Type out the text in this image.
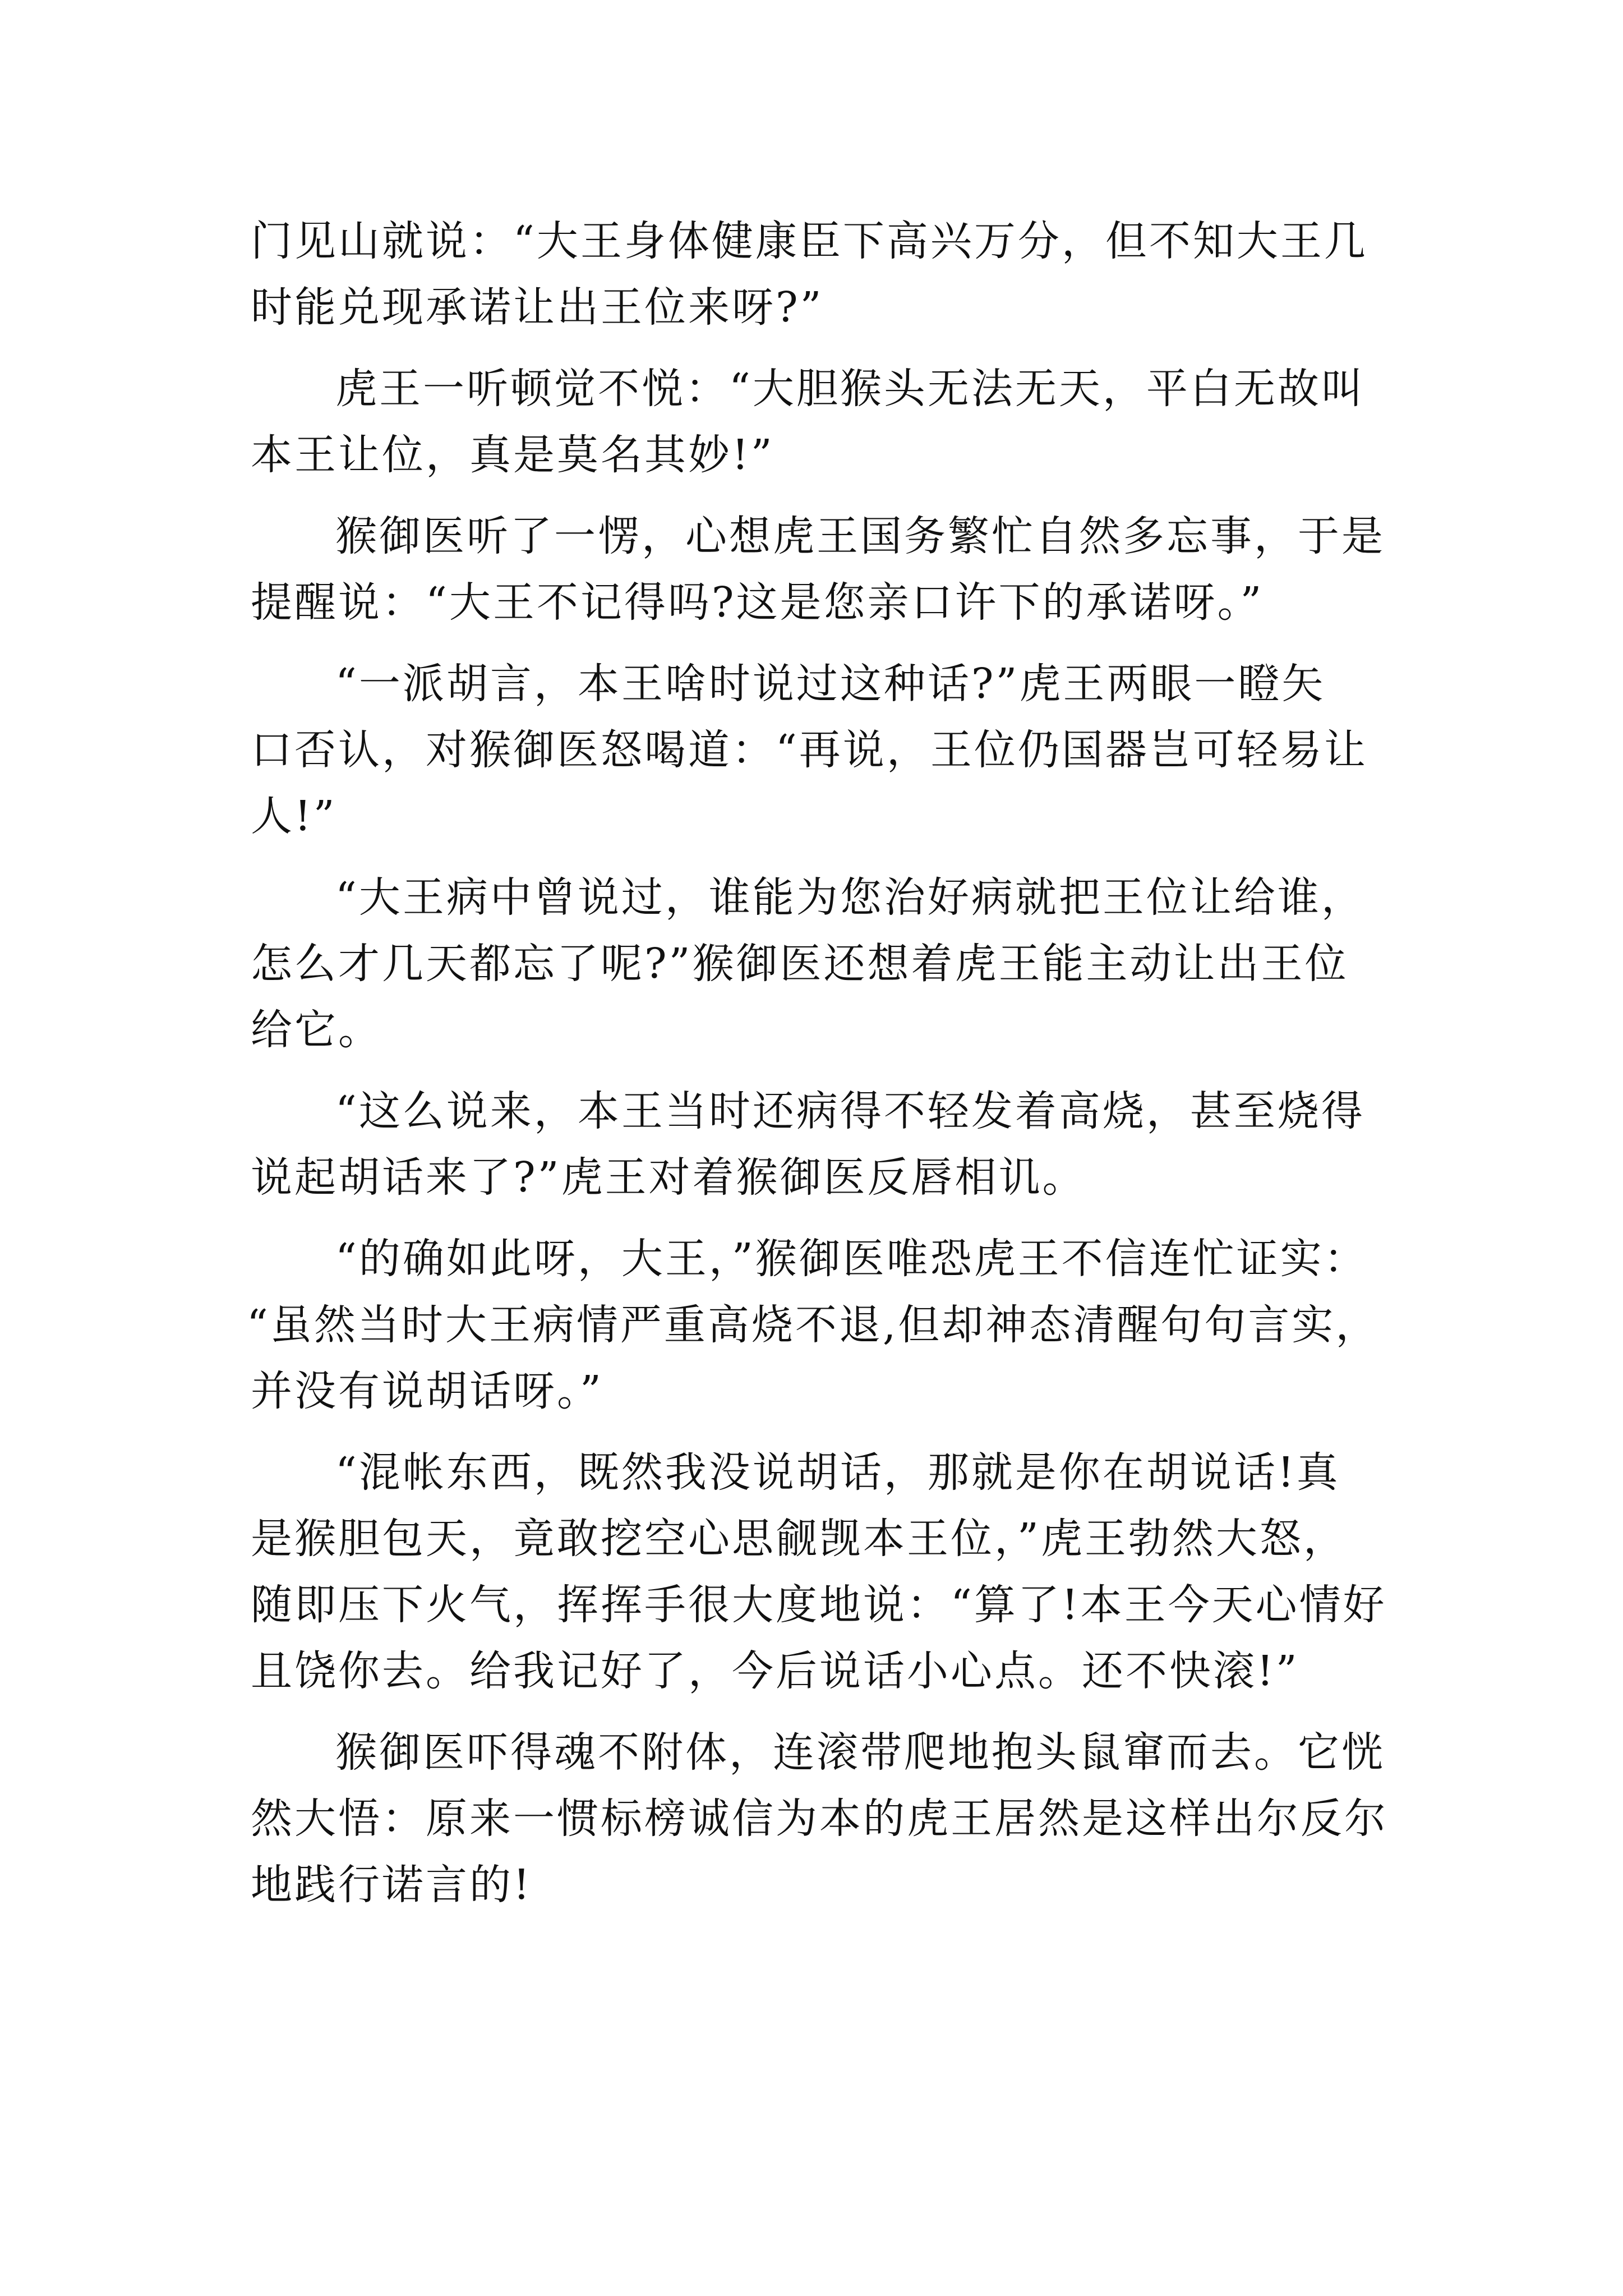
门见山就说：“大王身体健康臣下高兴万分，但不知大王几

时能兑现承诺让出王位来呀?”

虎王一听顿觉不悦：“大胆猴头无法无天，平白无故叫

本王让位，真是莫名其妙!”

猴御医听了一愣，心想虎王国务繁忙自然多忘事，于是

提醒说：“大王不记得吗?这是您亲口许下的承诺呀。”

“一派胡言，本王啥时说过这种话?”虎王两眼一瞪矢

口否认，对猴御医怒喝道：“再说，王位仍国器岂可轻易让

人!”

“大王病中曾说过，谁能为您治好病就把王位让给谁，

怎么才几天都忘了呢?”猴御医还想着虎王能主动让出王位

给它。

“这么说来，本王当时还病得不轻发着高烧，甚至烧得

说起胡话来了?”虎王对着猴御医反唇相讥。

“的确如此呀，大王，”猴御医唯恐虎王不信连忙证实：

“虽然当时大王病情严重高烧不退,但却神态清醒句句言实，

并没有说胡话呀。”

“混帐东西，既然我没说胡话，那就是你在胡说话!真

是猴胆包天，竟敢挖空心思觎觊本王位，”虎王勃然大怒，

随即压下火气，挥挥手很大度地说：“算了!本王今天心情好

且饶你去。给我记好了，今后说话小心点。还不快滚!”

猴御医吓得魂不附体，连滚带爬地抱头鼠窜而去。它恍

然大悟：原来一惯标榜诚信为本的虎王居然是这样出尔反尔

地践行诺言的!
